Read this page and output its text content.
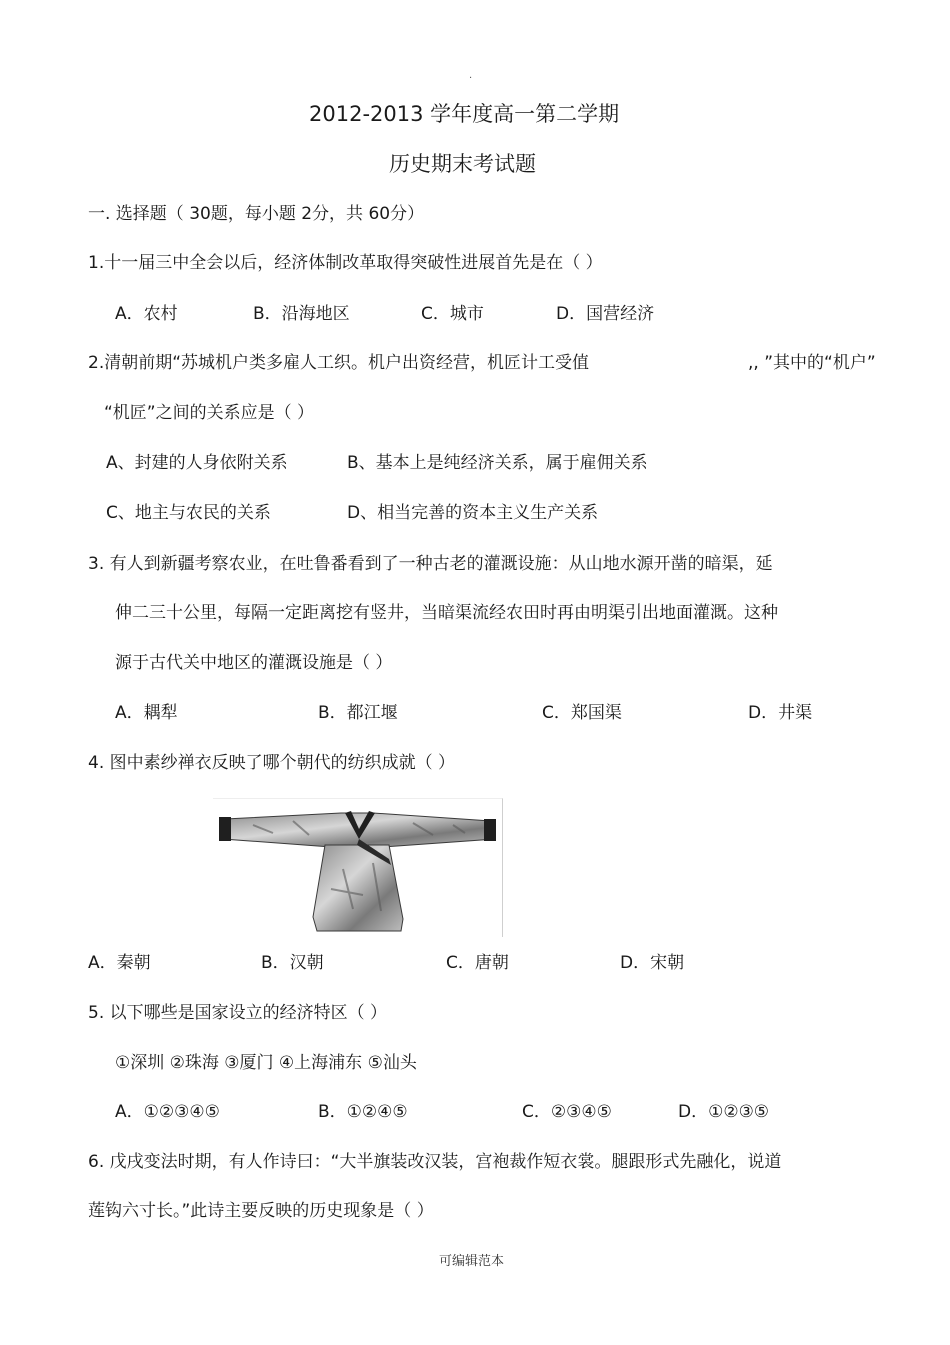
.
2012-2013 学年度高一第二学期
历史期末考试题
一. 选择题（ 30题，每小题 2分，共 60分）
1.十一届三中全会以后，经济体制改革取得突破性进展首先是在（ ）
A．农村	B．沿海地区	C．城市	D．国营经济
2.清朝前期“苏城机户类多雇人工织。机户出资经营，机匠计工受值	,, ”其中的“机户”
“机匠”之间的关系应是（ ）
A、封建的人身依附关系	B、基本上是纯经济关系，属于雇佣关系
C、地主与农民的关系	D、相当完善的资本主义生产关系
3. 有人到新疆考察农业，在吐鲁番看到了一种古老的灌溉设施：从山地水源开凿的暗渠，延
伸二三十公里，每隔一定距离挖有竖井，当暗渠流经农田时再由明渠引出地面灌溉。这种
源于古代关中地区的灌溉设施是（ ）
A．耦犁	B．都江堰	C．郑国渠	D．井渠
4. 图中素纱禅衣反映了哪个朝代的纺织成就（ ）
A．秦朝	B．汉朝	C．唐朝	D．宋朝
5. 以下哪些是国家设立的经济特区（ ）
①深圳 ②珠海 ③厦门 ④上海浦东 ⑤汕头
A．①②③④⑤	B．①②④⑤	C．②③④⑤	D．①②③⑤
6. 戊戌变法时期，有人作诗曰：“大半旗装改汉装，宫袍裁作短衣裳。腿跟形式先融化，说道
莲钩六寸长。”此诗主要反映的历史现象是（ ）
可编辑范本
